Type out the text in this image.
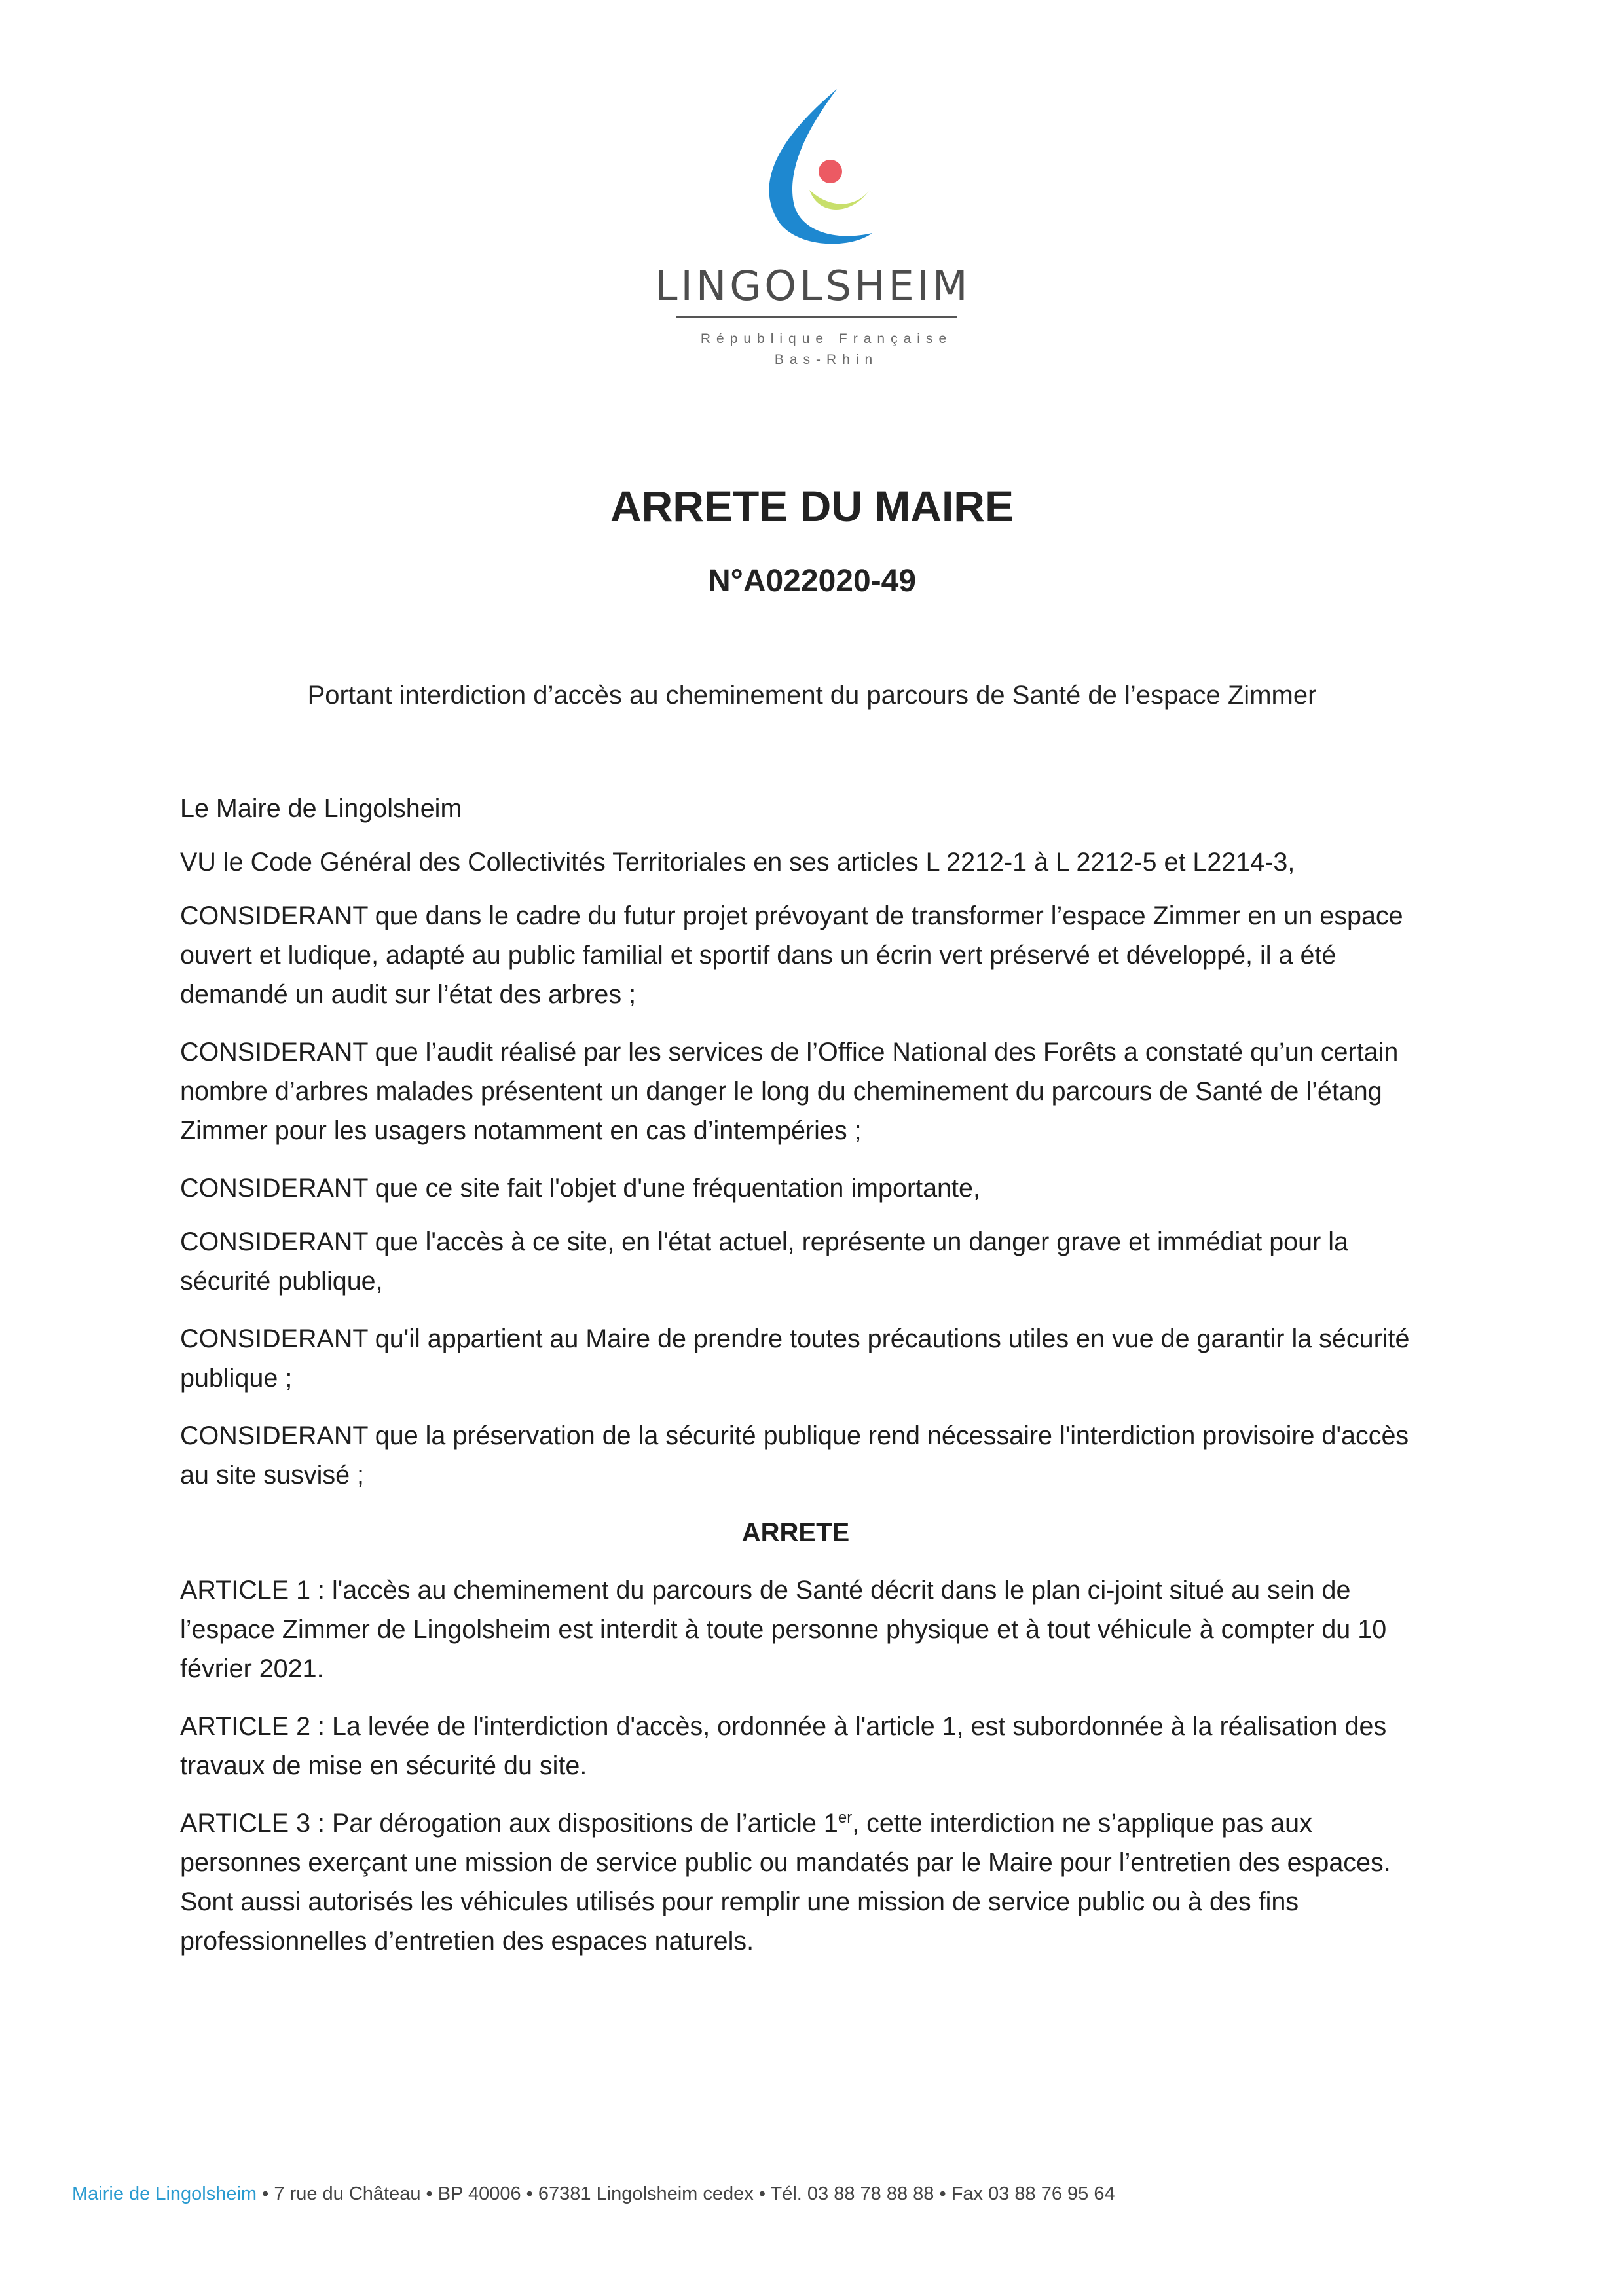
LINGOLSHEIM
République Française
Bas-Rhin
ARRETE DU MAIRE
N°A022020-49
Portant interdiction d’accès au cheminement du parcours de Santé de l’espace Zimmer

Le Maire de Lingolsheim

VU le Code Général des Collectivités Territoriales en ses articles L 2212-1 à L 2212-5 et L2214-3,

CONSIDERANT que dans le cadre du futur projet prévoyant de transformer l’espace Zimmer en un espace ouvert et ludique, adapté au public familial et sportif dans un écrin vert préservé et développé, il a été demandé un audit sur l’état des arbres ;

CONSIDERANT que l’audit réalisé par les services de l’Office National des Forêts a constaté qu’un certain nombre d’arbres malades présentent un danger le long du cheminement du parcours de Santé de l’étang Zimmer pour les usagers notamment en cas d’intempéries ;

CONSIDERANT que ce site fait l'objet d'une fréquentation importante,

CONSIDERANT que l'accès à ce site, en l'état actuel, représente un danger grave et immédiat pour la sécurité publique,

CONSIDERANT qu'il appartient au Maire de prendre toutes précautions utiles en vue de garantir la sécurité publique ;

CONSIDERANT que la préservation de la sécurité publique rend nécessaire l'interdiction provisoire d'accès au site susvisé ;

ARRETE

ARTICLE 1 : l'accès au cheminement du parcours de Santé décrit dans le plan ci-joint situé au sein de l’espace Zimmer de Lingolsheim est interdit à toute personne physique et à tout véhicule à compter du 10 février 2021.

ARTICLE 2 : La levée de l'interdiction d'accès, ordonnée à l'article 1, est subordonnée à la réalisation des travaux de mise en sécurité du site.

ARTICLE 3 : Par dérogation aux dispositions de l’article 1er, cette interdiction ne s’applique pas aux personnes exerçant une mission de service public ou mandatés par le Maire pour l’entretien des espaces. Sont aussi autorisés les véhicules utilisés pour remplir une mission de service public ou à des fins professionnelles d’entretien des espaces naturels.

Mairie de Lingolsheim • 7 rue du Château • BP 40006 • 67381 Lingolsheim cedex • Tél. 03 88 78 88 88 • Fax 03 88 76 95 64
